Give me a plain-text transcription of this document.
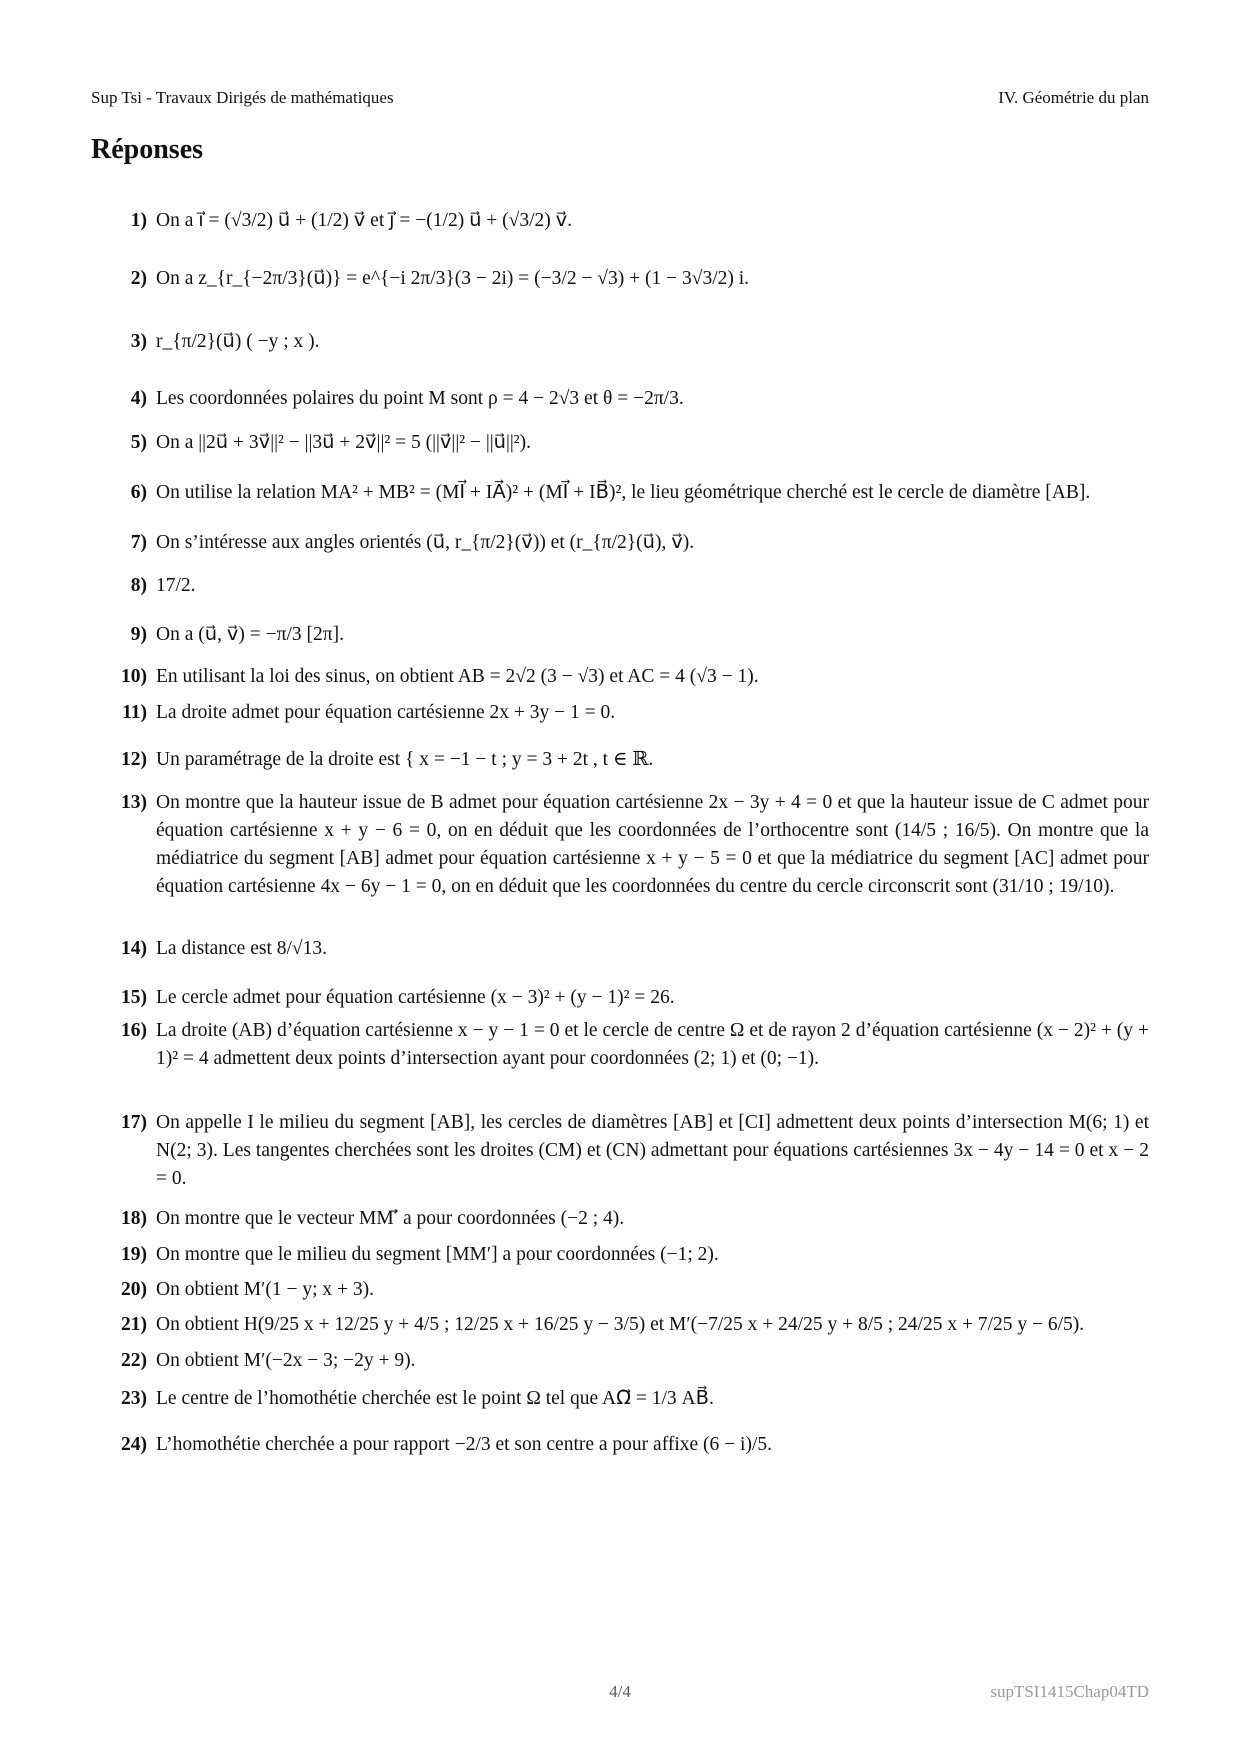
Sup Tsi - Travaux Dirigés de mathématiques	IV. Géométrie du plan
Réponses
1) On a i⃗ = (√3/2) u⃗ + (1/2) v⃗ et j⃗ = −(1/2) u⃗ + (√3/2) v⃗.
2) On a z_{r_{−2π/3}(u⃗)} = e^{−i 2π/3}(3 − 2i) = (−3/2 − √3) + (1 − 3√3/2) i.
3) r_{π/2}(u⃗) ( −y ; x ).
4) Les coordonnées polaires du point M sont ρ = 4 − 2√3 et θ = −2π/3.
5) On a ||2u⃗ + 3v⃗||² − ||3u⃗ + 2v⃗||² = 5 (||v⃗||² − ||u⃗||²).
6) On utilise la relation MA² + MB² = (MI⃗ + IA⃗)² + (MI⃗ + IB⃗)², le lieu géométrique cherché est le cercle de diamètre [AB].
7) On s’intéresse aux angles orientés (u⃗, r_{π/2}(v⃗)) et (r_{π/2}(u⃗), v⃗).
8) 17/2.
9) On a (u⃗, v⃗) = −π/3 [2π].
10) En utilisant la loi des sinus, on obtient AB = 2√2 (3 − √3) et AC = 4 (√3 − 1).
11) La droite admet pour équation cartésienne 2x + 3y − 1 = 0.
12) Un paramétrage de la droite est { x = −1 − t ; y = 3 + 2t , t ∈ ℝ.
13) On montre que la hauteur issue de B admet pour équation cartésienne 2x − 3y + 4 = 0 et que la hauteur issue de C admet pour équation cartésienne x + y − 6 = 0, on en déduit que les coordonnées de l’orthocentre sont (14/5 ; 16/5). On montre que la médiatrice du segment [AB] admet pour équation cartésienne x + y − 5 = 0 et que la médiatrice du segment [AC] admet pour équation cartésienne 4x − 6y − 1 = 0, on en déduit que les coordonnées du centre du cercle circonscrit sont (31/10 ; 19/10).
14) La distance est 8/√13.
15) Le cercle admet pour équation cartésienne (x − 3)² + (y − 1)² = 26.
16) La droite (AB) d’équation cartésienne x − y − 1 = 0 et le cercle de centre Ω et de rayon 2 d’équation cartésienne (x − 2)² + (y + 1)² = 4 admettent deux points d’intersection ayant pour coordonnées (2; 1) et (0; −1).
17) On appelle I le milieu du segment [AB], les cercles de diamètres [AB] et [CI] admettent deux points d’intersection M(6; 1) et N(2; 3). Les tangentes cherchées sont les droites (CM) et (CN) admettant pour équations cartésiennes 3x − 4y − 14 = 0 et x − 2 = 0.
18) On montre que le vecteur MM′⃗ a pour coordonnées (−2 ; 4).
19) On montre que le milieu du segment [MM′] a pour coordonnées (−1; 2).
20) On obtient M′(1 − y; x + 3).
21) On obtient H(9/25 x + 12/25 y + 4/5 ; 12/25 x + 16/25 y − 3/5) et M′(−7/25 x + 24/25 y + 8/5 ; 24/25 x + 7/25 y − 6/5).
22) On obtient M′(−2x − 3; −2y + 9).
23) Le centre de l’homothétie cherchée est le point Ω tel que AΩ⃗ = 1/3 AB⃗.
24) L’homothétie cherchée a pour rapport −2/3 et son centre a pour affixe (6 − i)/5.
4/4	supTSI1415Chap04TD
